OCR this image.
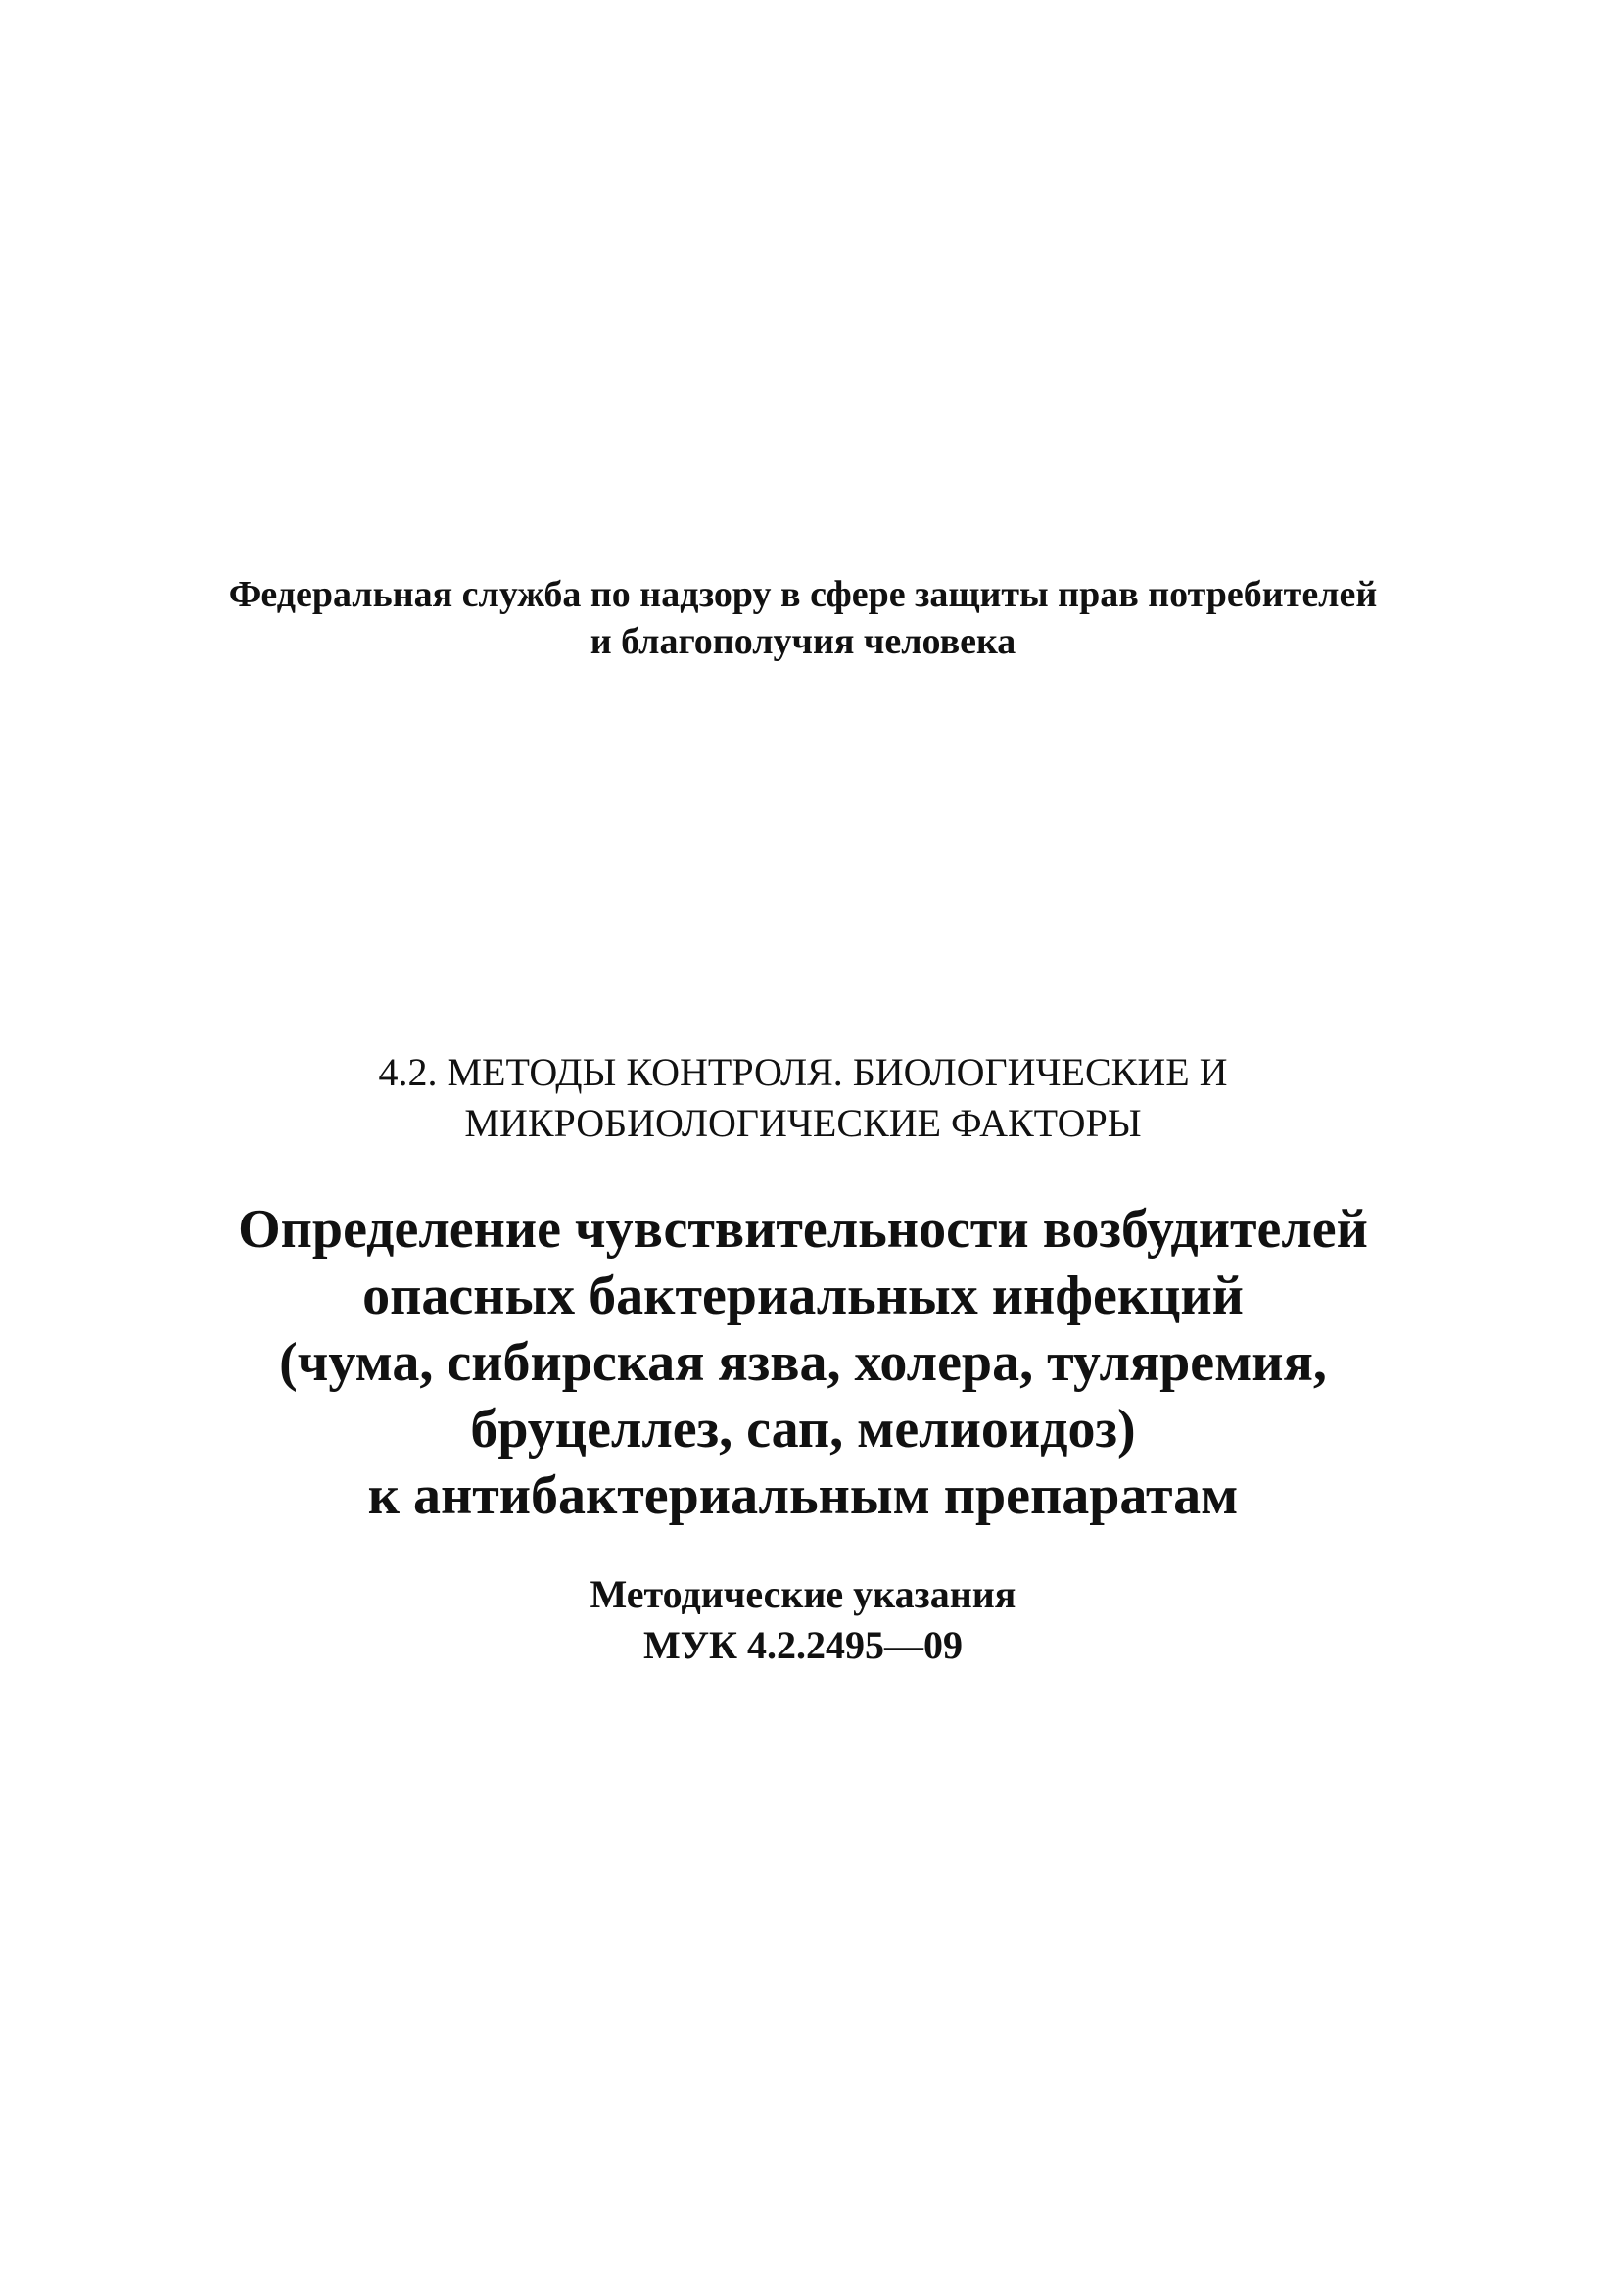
Федеральная служба по надзору в сфере защиты прав потребителей
и благополучия человека
4.2. МЕТОДЫ КОНТРОЛЯ. БИОЛОГИЧЕСКИЕ И
МИКРОБИОЛОГИЧЕСКИЕ ФАКТОРЫ
Определение чувствительности возбудителей
опасных бактериальных инфекций
(чума, сибирская язва, холера, туляремия,
бруцеллез, сап, мелиоидоз)
к антибактериальным препаратам
Методические указания
МУК 4.2.2495—09
